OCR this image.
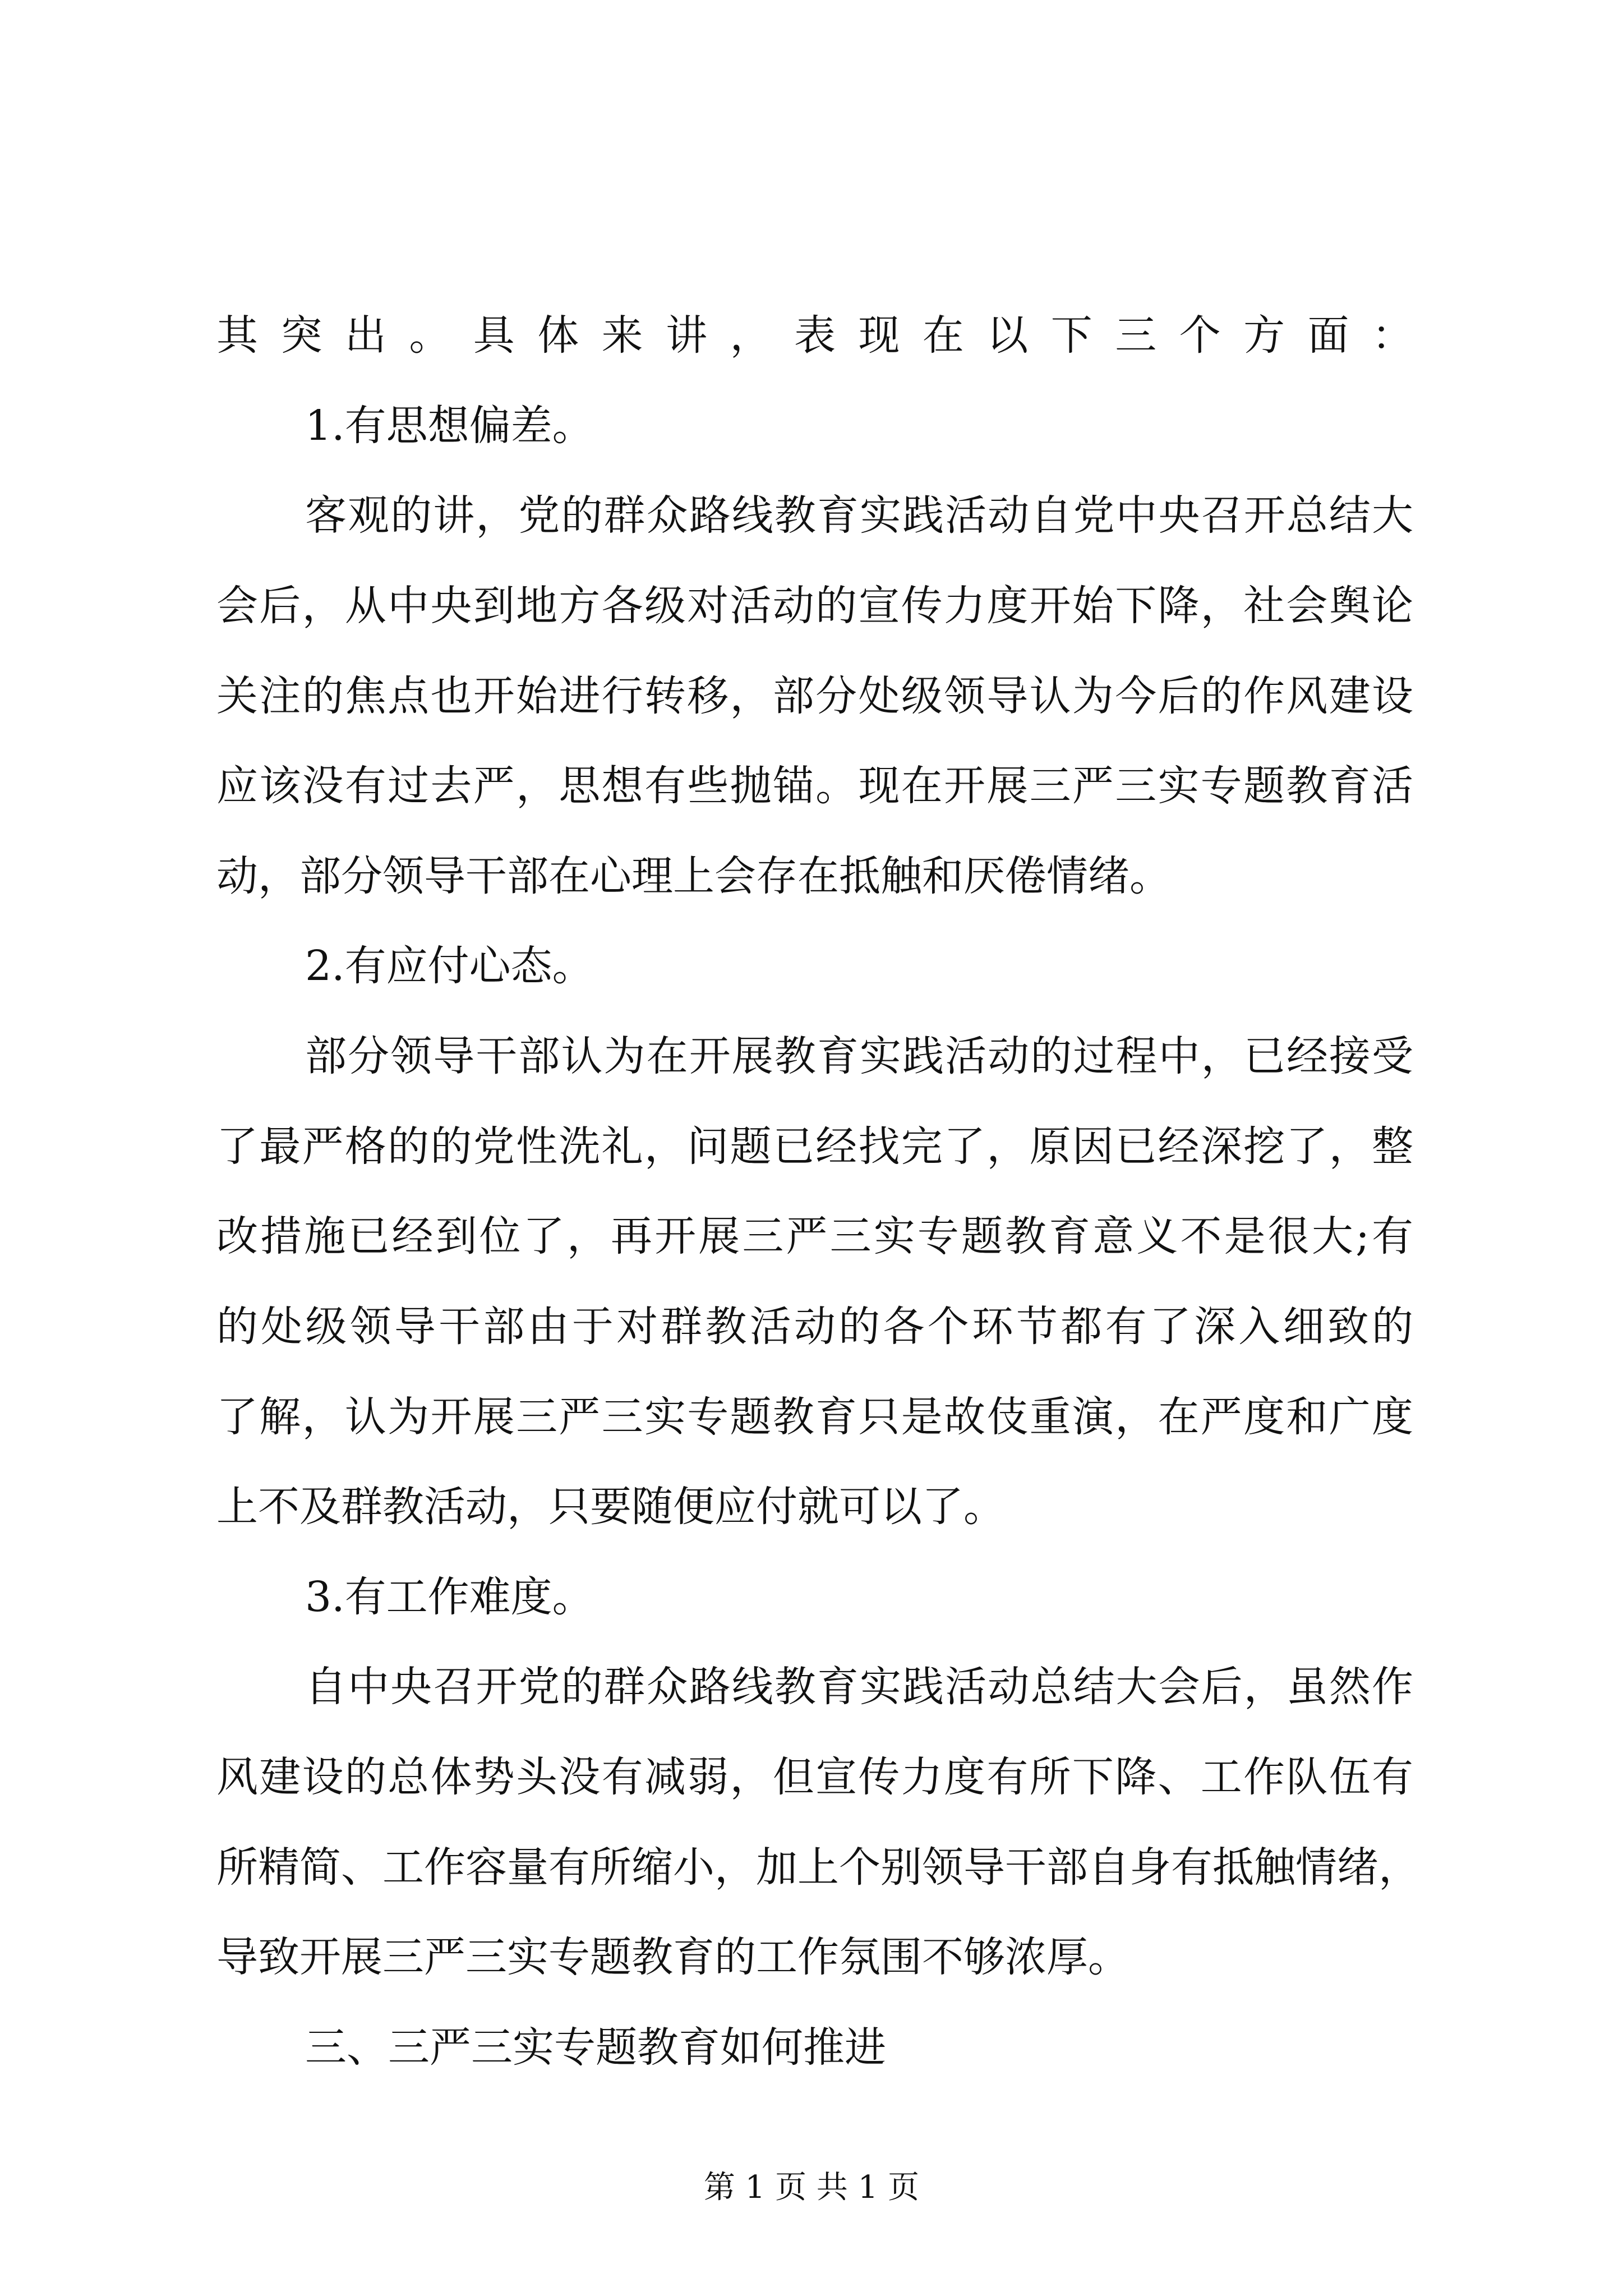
其突出。具体来讲，表现在以下三个方面：
1.有思想偏差。
客观的讲，党的群众路线教育实践活动自党中央召开总结大
会后，从中央到地方各级对活动的宣传力度开始下降，社会舆论
关注的焦点也开始进行转移，部分处级领导认为今后的作风建设
应该没有过去严，思想有些抛锚。现在开展三严三实专题教育活
动，部分领导干部在心理上会存在抵触和厌倦情绪。
2.有应付心态。
部分领导干部认为在开展教育实践活动的过程中，已经接受
了最严格的的党性洗礼，问题已经找完了，原因已经深挖了，整
改措施已经到位了，再开展三严三实专题教育意义不是很大;有
的处级领导干部由于对群教活动的各个环节都有了深入细致的
了解，认为开展三严三实专题教育只是故伎重演，在严度和广度
上不及群教活动，只要随便应付就可以了。
3.有工作难度。
自中央召开党的群众路线教育实践活动总结大会后，虽然作
风建设的总体势头没有减弱，但宣传力度有所下降、工作队伍有
所精简、工作容量有所缩小，加上个别领导干部自身有抵触情绪，
导致开展三严三实专题教育的工作氛围不够浓厚。
三、三严三实专题教育如何推进
第 1 页 共 1 页
